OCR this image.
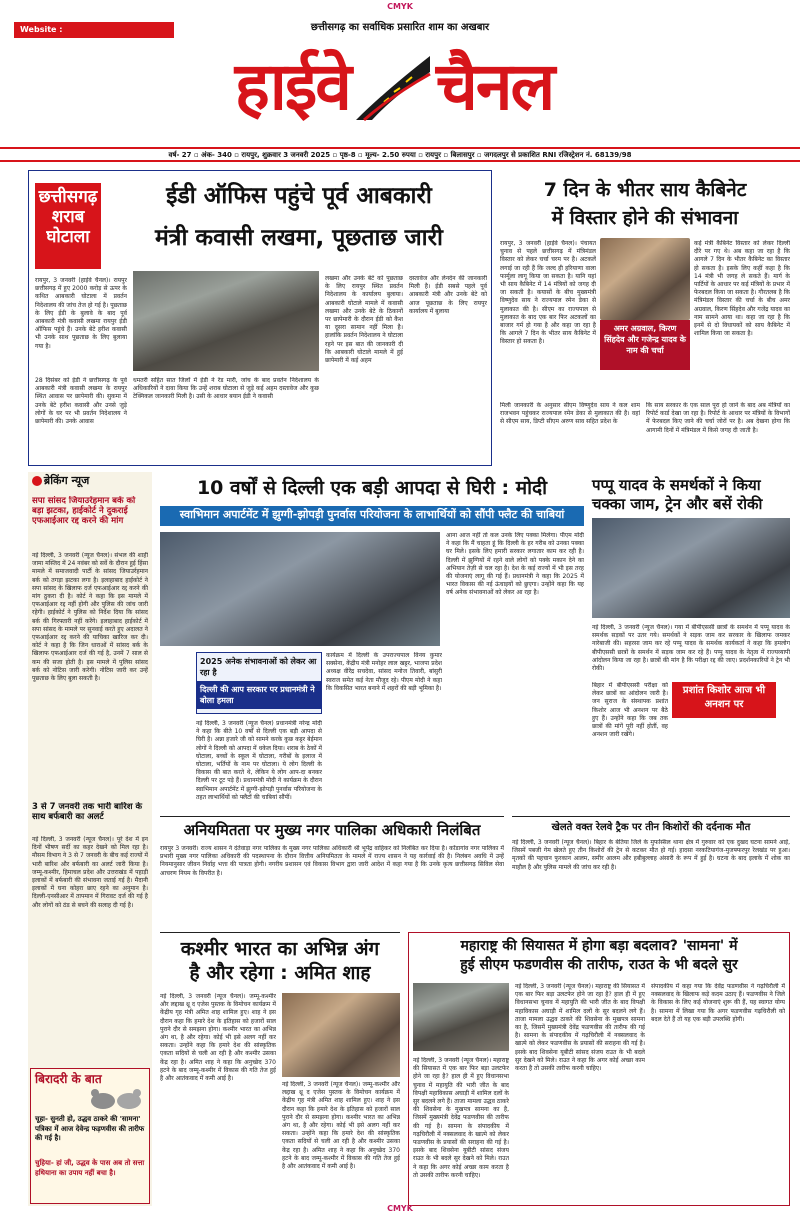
CMYK
Website : www.highwaychannel.in
छत्तीसगढ़ का सर्वाधिक प्रसारित शाम का अखबार
हाईवे चैनल
वर्ष- 27 ▫ अंक- 340 ▫ रायपुर, शुक्रवार 3 जनवरी 2025 ▫ पृष्ठ-8 ▫ मूल्य- 2.50 रुपया ▫ रायपुर ▫ बिलासपुर ▫ जगदलपुर से प्रकाशित RNI रजिस्ट्रेशन नं. 68139/98
छत्तीसगढ़
शराब
घोटाला
ईडी ऑफिस पहुंचे पूर्व आबकारी
मंत्री कवासी लखमा, पूछताछ जारी
रायपुर, 3 जनवरी (हाईवे चैनल)। रायपुर छत्तीसगढ़ में हुए 2000 करोड़ से ऊपर के कथित आबकारी घोटाला में प्रवर्तन निदेशालय की जांच तेज हो गई है। पूछताछ के लिए ईडी के बुलावे के बाद पूर्व आबकारी मंत्री कवासी लखमा रायपुर ईडी ऑफिस पहुंचे हैं। उनके बेटे हरीश कवासी भी उनके साथ पूछताछ के लिए बुलाया गया है।
28 दिसंबर को ईडी ने छत्तीसगढ़ के पूर्व आबकारी मंत्री कवासी लखमा के रायपुर स्थित आवास पर छापेमारी की। सुकमा में उनके बेटे हरीश कवासी और उनसे जुड़े लोगों के घर पर भी प्रवर्तन निदेशालय ने छापेमारी की। उनके आवास
धमतरी सहित सात जिलों में ईडी ने रेड मारी, जांच के बाद प्रवर्तन निदेशालय के अधिकारियों ने दावा किया कि उन्हें शराब घोटाला से जुड़े कई अहम दस्तावेज और कुछ टेक्निकल जानकारी मिली है। उसी के आधार बयान ईडी ने कवासी
लखमा और उनके बेटे को पूछताछ के लिए रायपुर स्थित प्रवर्तन निदेशालय के कार्यालय बुलाया। आबकारी घोटाले मामले में कवासी लखमा और उनके बेटे के ठिकानों पर छापेमारी के दौरान ईडी को कैश या दूसरा सामान नहीं मिला है। हालांकि प्रवर्तन निदेशालय ने घोटाला रहने पर इस बात की जानकारी दी कि आबकारी घोटाले मामले में हुई छापेमारी में कई अहम
दस्तावेज और लेनदेन की जानकारी मिली है। ईडी सबसे पहले पूर्व आबकारी मंत्री और उनके बेटे को आज पूछताछ के लिए रायपुर कार्यालय में बुलाया
7 दिन के भीतर साय कैबिनेट
में विस्तार होने की संभावना
रायपुर, 3 जनवरी (हाईवे चैनल)। पंचायत चुनाव से पहले छत्तीसगढ़ में मंत्रिमंडल विस्तार को लेकर चर्चा चरम पर है। अटकलें लगाई जा रही हैं कि जल्द ही हरियाणा वाला फार्मूला लागू किया जा सकता है। यानि यहां भी साय कैबिनेट में 14 मंत्रियों को जगह दी जा सकती है। कयासों के बीच मुख्यमंत्री विष्णुदेव साय ने राज्यपाल रमेन डेका से मुलाकात की है। सीएम का राज्यपाल से मुलाकात के बाद एक बार फिर अटकलों का बाजार गर्म हो गया है और कहा जा रहा है कि आगले 7 दिन के भीतर साय कैबिनेट में विस्तार हो सकता है।
अमर अग्रवाल, किरण सिंहदेव और गजेन्द्र यादव के नाम की चर्चा
कई मंत्री कैबिनेट विस्तार को लेकर दिल्ली दौरे पर गए थे। अब कहा जा रहा है कि आगले 7 दिन के भीतर कैबिनेट का विस्तार हो सकता है। इसके लिए कहीं कहा है कि 14 मंत्री भी जगह ले सकते हैं। मार्ग के पार्टियों के आधार पर कई मंत्रियों के प्रभार में फेरबदल किया जा सकता है। गौरतलब है कि मंत्रिमंडल विस्तार की चर्चा के बीच अमर अग्रवाल, किरण सिंहदेव और गजेंद्र यादव का नाम सामने आया था। कहा जा रहा है कि इनमें से दो विधायकों को साय कैबिनेट में शामिल किया जा सकता है।
मिली जानकारी के अनुसार सीएम विष्णुदेव साय ने कल शाम राजभवन पहुंचकर राज्यपाल रमेन डेका से मुलाकात की है। वहां से सीएम साय, डिप्टी सीएम अरुण साव सहित प्रदेश के
कि साय सरकार के एक साल पूरा हो जाने के बाद अब मंत्रियों का रिपोर्ट कार्ड देखा जा रहा है। रिपोर्ट के आधार पर मंत्रियों के विभागों में फेरबदल किए जाने की चर्चा जोरों पर है। अब देखना होगा कि आगामी दिनों में मंत्रिमंडल में किसे जगह दी जाती है।
ब्रेकिंग न्यूज
सपा सांसद जियाउर्रहमान बर्क को बड़ा झटका, हाईकोर्ट ने दुकराई एफआईआर रद्द करने की मांग
नई दिल्ली, 3 जनवरी (न्यूज चैनल)। संभल की शाही जामा मस्जिद में 24 नवंबर को सर्वे के दौरान हुई हिंसा मामले में समाजवादी पार्टी के सांसद जियाउर्रहमान बर्क को तगड़ा झटका लगा है। इलाहाबाद हाईकोर्ट ने सपा सांसद के खिलाफ दर्ज एफआईआर रद्द करने की मांग ठुकरा दी है। कोर्ट ने कहा कि इस मामले में एफआईआर रद्द नहीं होगी और पुलिस की जांच जारी रहेगी। हाईकोर्ट ने पुलिस को निर्देश दिया कि सांसद बर्क की गिरफ्तारी नहीं करेंगे। इलाहाबाद हाईकोर्ट में सपा सांसद के मामले पर सुनवाई करते हुए अदालत ने एफआईआर रद्द करने की याचिका खारिज कर दी। कोर्ट ने कहा है कि जिन धाराओं में सांसद बर्क के खिलाफ एफआईआर दर्ज की गई है, उनमें 7 साल से कम की सजा होती है। इस मामले में पुलिस सांसद बर्क को नोटिस जारी करेगी। नोटिस जारी कर उन्हें पूछताछ के लिए बुला सकती है।
3 से 7 जनवरी तक भारी बारिश के साथ बर्फबारी का अलर्ट
नई दिल्ली, 3 जनवरी (न्यूज चैनल)। पूरे देश में इन दिनों भीषण सर्दी का कहर देखने को मिल रहा है। मौसम विभाग ने 3 से 7 जनवरी के बीच कई राज्यों में भारी बारिश और बर्फबारी का अलर्ट जारी किया है। जम्मू-कश्मीर, हिमाचल प्रदेश और उत्तराखंड में पहाड़ी इलाकों में बर्फबारी की संभावना जताई गई है। मैदानी इलाकों में घना कोहरा छाए रहने का अनुमान है। दिल्ली-एनसीआर में तापमान में गिरावट दर्ज की गई है और लोगों को ठंड से बचने की सलाह दी गई है।
बिरादरी के बात
चूहा- सुनती हो, उद्धव ठाकरे की 'सामना' पत्रिका में आज देवेन्द्र फड़णवीस की तारीफ की गई है।
चुहिया- हां जी, उद्धव के पास अब तो सत्ता हथियाना का उपाय नहीं बचा है।
10 वर्षों से दिल्ली एक बड़ी आपदा से घिरी : मोदी
स्वाभिमान अपार्टमेंट में झुग्गी-झोपड़ी पुनर्वास परियोजना के लाभार्थियों को सौंपी फ्लैट की चाबियां
2025 अनेक संभावनाओं को लेकर आ रहा है
दिल्ली की आप सरकार पर प्रधानमंत्री ने बोला हमला
नई दिल्ली, 3 जनवरी (न्यूज चैनल) प्रधानमंत्री नरेन्द्र मोदी ने कहा कि बीते 10 वर्षों से दिल्ली एक बड़ी आपदा से घिरी है। अन्ना हजारे जी को सामने करके कुछ कट्टर बेईमान लोगों ने दिल्ली को आपदा में धकेल दिया। शराब के ठेकों में घोटाला, बच्चों के स्कूल में घोटाला, गरीबों के इलाज में घोटाला, भर्तियों के नाम पर घोटाला। ये लोग दिल्ली के विकास की बात करते थे, लेकिन ये लोग आप-दा बनकर दिल्ली पर टूट पड़े हैं। प्रधानमंत्री मोदी ने कार्यक्रम के दौरान स्वाभिमान अपार्टमेंट में झुग्गी-झोपड़ी पुनर्वास परियोजना के तहत लाभार्थियों को फ्लैटों की चाबियां सौंपीं।
कार्यक्रम में दिल्ली के उपराज्यपाल विनय कुमार सक्सेना, केंद्रीय मंत्री मनोहर लाल खट्टर, भाजपा प्रदेश अध्यक्ष वीरेंद्र सचदेवा, सांसद मनोज तिवारी, बांसुरी स्वराज समेत कई नेता मौजूद रहे। पीएम मोदी ने कहा कि विकसित भारत बनाने में शहरों की बड़ी भूमिका है।
आना आज नहीं तो कल उनके लिए पक्का मिलेगा। पीएम मोदी ने कहा कि मैं चाहता हूं कि दिल्ली के हर गरीब को उनका पक्का घर मिले। इसके लिए हमारी सरकार लगातार काम कर रही है। दिल्ली में झुग्गियों में रहने वाले लोगों को पक्के मकान देने का अभियान तेज़ी से चल रहा है। देश के कई राज्यों में भी इस तरह की योजनाएं लागू की गई हैं। प्रधानमंत्री ने कहा कि 2025 में भारत विकास की नई ऊंचाइयों को छुएगा। उन्होंने कहा कि यह वर्ष अनेक संभावनाओं को लेकर आ रहा है।
पप्पू यादव के समर्थकों ने किया चक्का जाम, ट्रेन और बसें रोकी
नई दिल्ली, 3 जनवरी (न्यूज चैनल)। गया में बीपीएससी छात्रों के समर्थन में पप्पू यादव के समर्थक सड़कों पर उतर गये। समर्थकों ने सड़क जाम कर सरकार के खिलाफ जमकर नारेबाजी की। सहरसा जाम कर रहे पप्पू यादव के समर्थक कार्यकर्ता ने कहा कि हमलोग बीपीएससी छात्रों के समर्थन में सड़क जाम कर रहे हैं। पप्पू यादव के नेतृत्व में राज्यव्यापी आंदोलन किया जा रहा है। छात्रों की मांग है कि परीक्षा रद्द की जाए। प्रदर्शनकारियों ने ट्रेन भी रोकी।
प्रशांत किशोर आज भी अनशन पर
बिहार में बीपीएससी परीक्षा को लेकर छात्रों का आंदोलन जारी है। जन सुराज के संस्थापक प्रशांत किशोर आज भी अनशन पर बैठे हुए हैं। उन्होंने कहा कि जब तक छात्रों की मांगें पूरी नहीं होतीं, वह अनशन जारी रखेंगे।
अनियमितता पर मुख्य नगर पालिका अधिकारी निलंबित
रायपुर 3 जनवरी। राज्य शासन ने दंतेवाड़ा नगर पालिका के मुख्य नगर पालिका अधिकारी श्री भूपेंद्र वाहिकर को निलंबित कर दिया है। कोंडागांव नगर पालिका में प्रभारी मुख्य नगर पालिका अधिकारी की पदस्थापना के दौरान वित्तीय अनियमितता के मामले में राज्य शासन ने यह कार्रवाई की है। निलंबन अवधि में उन्हें नियमानुसार जीवन निर्वाह भत्ता की पात्रता होगी। नगरीय प्रशासन एवं विकास विभाग द्वारा जारी आदेश में कहा गया है कि उनके कृत्य छत्तीसगढ़ सिविल सेवा आचरण नियम के विपरीत है।
खेलते वक्त रेलवे ट्रैक पर तीन किशोरों की दर्दनाक मौत
नई दिल्ली, 3 जनवरी (न्यूज चैनल)। बिहार के बेतिया जिले के मुफस्सिल थाना क्षेत्र में गुरुवार को एक दुखद घटना सामने आई, जिसमें पबजी गेम खेलते हुए तीन किशोरों की ट्रेन से कटकर मौत हो गई। हादसा नरकटियागंज-मुजफ्फरपुर रेलखंड पर हुआ। मृतकों की पहचान फुरकान आलम, समीर आलम और हबीबुल्लाह अंसारी के रूप में हुई है। घटना के बाद इलाके में शोक का माहौल है और पुलिस मामले की जांच कर रही है।
कश्मीर भारत का अभिन्न अंग
है और रहेगा : अमित शाह
नई दिल्ली, 3 जनवरी (न्यूज चैनल)। जम्मू-कश्मीर और लद्दाख थ्रू द एजेस पुस्तक के विमोचन कार्यक्रम में केंद्रीय गृह मंत्री अमित शाह शामिल हुए। शाह ने इस दौरान कहा कि हमारे देश के इतिहास को हजारों साल पुराने दौर से समझना होगा। कश्मीर भारत का अभिन्न अंग था, है और रहेगा। कोई भी इसे अलग नहीं कर सकता। उन्होंने कहा कि हमारे देश की सांस्कृतिक एकता सदियों से चली आ रही है और कश्मीर उसका केंद्र रहा है। अमित शाह ने कहा कि अनुच्छेद 370 हटने के बाद जम्मू-कश्मीर में विकास की गति तेज हुई है और आतंकवाद में कमी आई है।
नई दिल्ली, 3 जनवरी (न्यूज चैनल)। जम्मू-कश्मीर और लद्दाख थ्रू द एजेस पुस्तक के विमोचन कार्यक्रम में केंद्रीय गृह मंत्री अमित शाह शामिल हुए। शाह ने इस दौरान कहा कि हमारे देश के इतिहास को हजारों साल पुराने दौर से समझना होगा। कश्मीर भारत का अभिन्न अंग था, है और रहेगा। कोई भी इसे अलग नहीं कर सकता। उन्होंने कहा कि हमारे देश की सांस्कृतिक एकता सदियों से चली आ रही है और कश्मीर उसका केंद्र रहा है। अमित शाह ने कहा कि अनुच्छेद 370 हटने के बाद जम्मू-कश्मीर में विकास की गति तेज हुई है और आतंकवाद में कमी आई है।
महाराष्ट्र की सियासत में होगा बड़ा बदलाव? 'सामना' में
हुई सीएम फडणवीस की तारीफ, राउत के भी बदले सुर
नई दिल्ली, 3 जनवरी (न्यूज चैनल)। महाराष्ट्र की सियासत में एक बार फिर बड़ा उलटफेर होने जा रहा है? हाल ही में हुए विधानसभा चुनाव में महायुति की भारी जीत के बाद विपक्षी महाविकास अघाड़ी में शामिल दलों के सुर बदलने लगे हैं। ताजा मामला उद्धव ठाकरे की शिवसेना के मुखपत्र सामना का है, जिसमें मुख्यमंत्री देवेंद्र फडणवीस की तारीफ की गई है। सामना के संपादकीय में गढ़चिरौली में नक्सलवाद के खात्मे को लेकर फडणवीस के प्रयासों की सराहना की गई है। इसके बाद शिवसेना यूबीटी सांसद संजय राउत के भी बदले सुर देखने को मिले। राउत ने कहा कि अगर कोई अच्छा काम करता है तो उसकी तारीफ करनी चाहिए।
नई दिल्ली, 3 जनवरी (न्यूज चैनल)। महाराष्ट्र की सियासत में एक बार फिर बड़ा उलटफेर होने जा रहा है? हाल ही में हुए विधानसभा चुनाव में महायुति की भारी जीत के बाद विपक्षी महाविकास अघाड़ी में शामिल दलों के सुर बदलने लगे हैं। ताजा मामला उद्धव ठाकरे की शिवसेना के मुखपत्र सामना का है, जिसमें मुख्यमंत्री देवेंद्र फडणवीस की तारीफ की गई है। सामना के संपादकीय में गढ़चिरौली में नक्सलवाद के खात्मे को लेकर फडणवीस के प्रयासों की सराहना की गई है। इसके बाद शिवसेना यूबीटी सांसद संजय राउत के भी बदले सुर देखने को मिले। राउत ने कहा कि अगर कोई अच्छा काम करता है तो उसकी तारीफ करनी चाहिए।
संपादकीय में कहा गया कि देवेंद्र फडणवीस ने गढ़चिरौली में नक्सलवाद के खिलाफ कड़े कदम उठाए हैं। फडणवीस ने जिले के विकास के लिए कई योजनाएं शुरू की हैं, यह स्वागत योग्य है। सामना में लिखा गया कि अगर फडणवीस गढ़चिरौली को बदल देते हैं तो यह एक बड़ी उपलब्धि होगी।
CMYK
